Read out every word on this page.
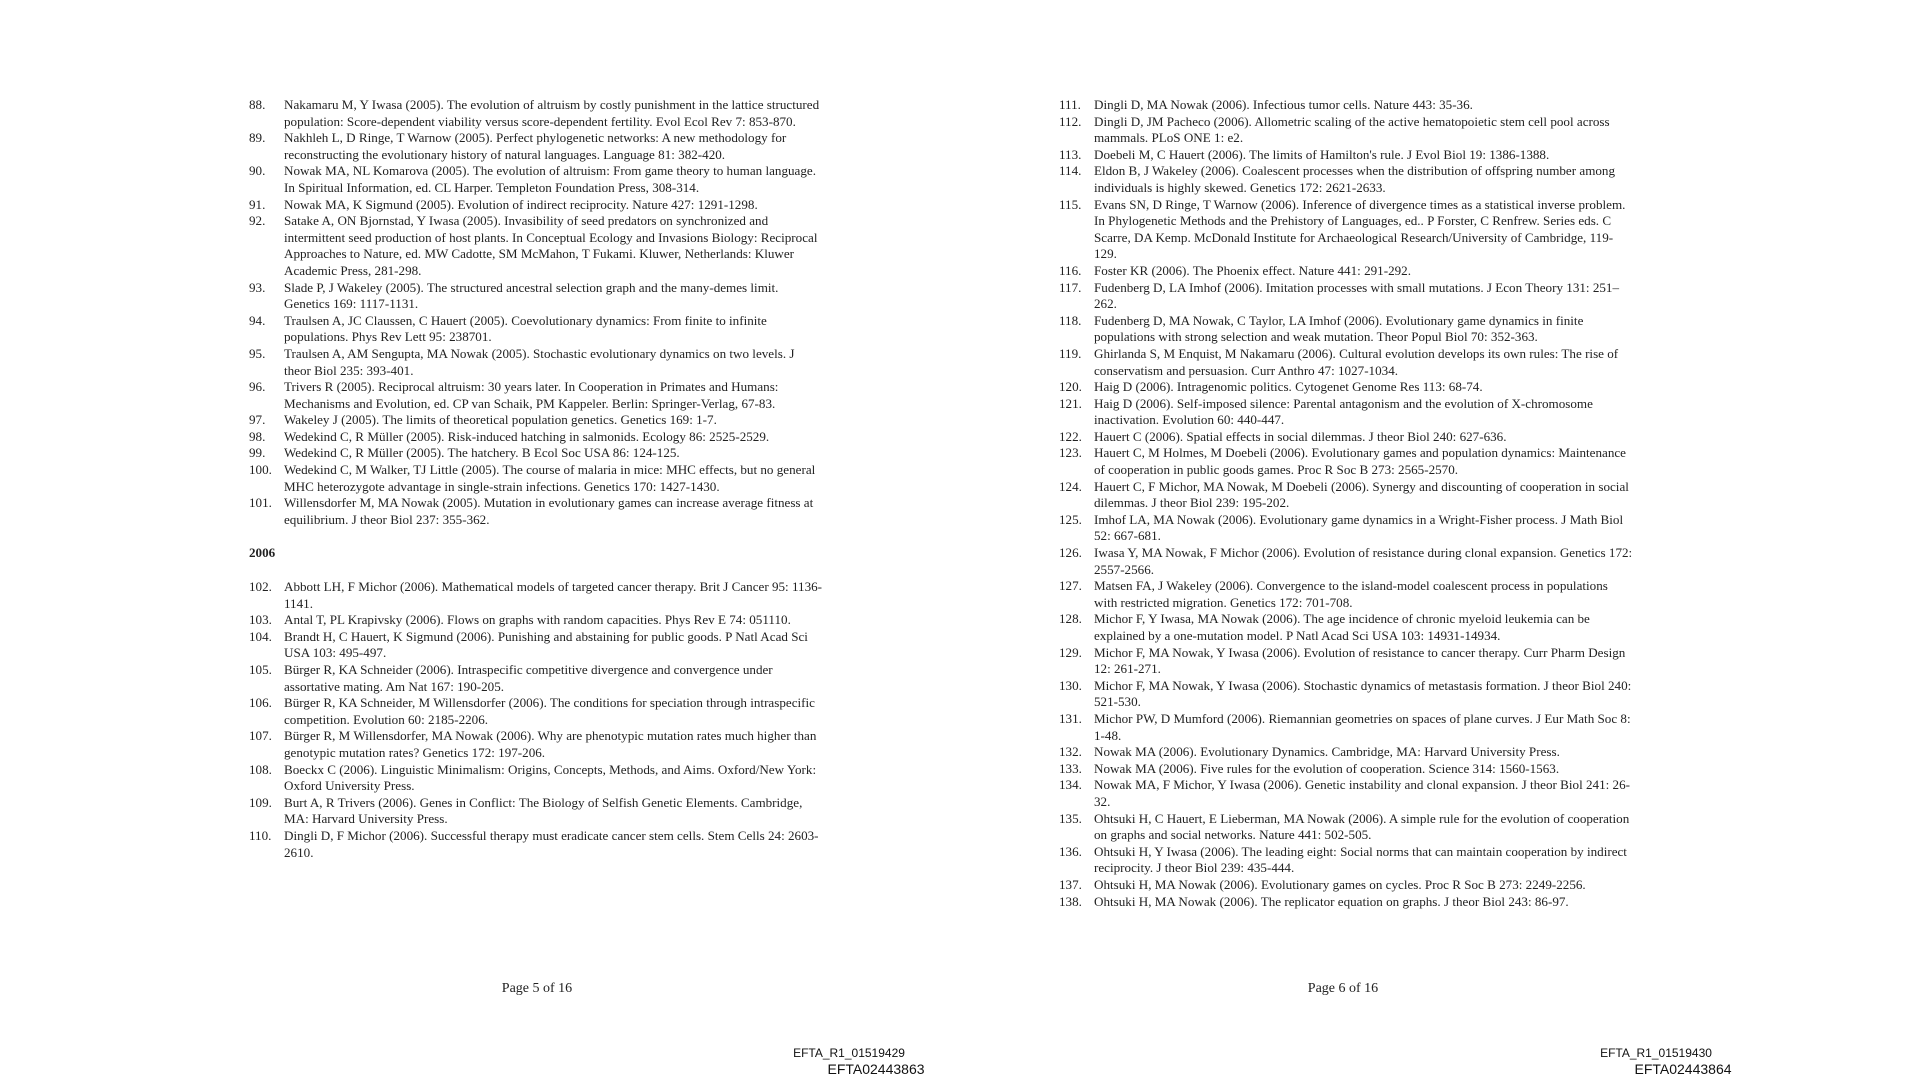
88.	Nakamaru M, Y Iwasa (2005). The evolution of altruism by costly punishment in the lattice structured population: Score-dependent viability versus score-dependent fertility. Evol Ecol Rev 7: 853-870.
89.	Nakhleh L, D Ringe, T Warnow (2005). Perfect phylogenetic networks: A new methodology for reconstructing the evolutionary history of natural languages. Language 81: 382-420.
90.	Nowak MA, NL Komarova (2005). The evolution of altruism: From game theory to human language. In Spiritual Information, ed. CL Harper. Templeton Foundation Press, 308-314.
91.	Nowak MA, K Sigmund (2005). Evolution of indirect reciprocity. Nature 427: 1291-1298.
92.	Satake A, ON Bjornstad, Y Iwasa (2005). Invasibility of seed predators on synchronized and intermittent seed production of host plants. In Conceptual Ecology and Invasions Biology: Reciprocal Approaches to Nature, ed. MW Cadotte, SM McMahon, T Fukami. Kluwer, Netherlands: Kluwer Academic Press, 281-298.
93.	Slade P, J Wakeley (2005). The structured ancestral selection graph and the many-demes limit. Genetics 169: 1117-1131.
94.	Traulsen A, JC Claussen, C Hauert (2005). Coevolutionary dynamics: From finite to infinite populations. Phys Rev Lett 95: 238701.
95.	Traulsen A, AM Sengupta, MA Nowak (2005). Stochastic evolutionary dynamics on two levels. J theor Biol 235: 393-401.
96.	Trivers R (2005). Reciprocal altruism: 30 years later. In Cooperation in Primates and Humans: Mechanisms and Evolution, ed. CP van Schaik, PM Kappeler. Berlin: Springer-Verlag, 67-83.
97.	Wakeley J (2005). The limits of theoretical population genetics. Genetics 169: 1-7.
98.	Wedekind C, R Müller (2005). Risk-induced hatching in salmonids. Ecology 86: 2525-2529.
99.	Wedekind C, R Müller (2005). The hatchery. B Ecol Soc USA 86: 124-125.
100. Wedekind C, M Walker, TJ Little (2005). The course of malaria in mice: MHC effects, but no general MHC heterozygote advantage in single-strain infections. Genetics 170: 1427-1430.
101. Willensdorfer M, MA Nowak (2005). Mutation in evolutionary games can increase average fitness at equilibrium. J theor Biol 237: 355-362.
2006
102. Abbott LH, F Michor (2006). Mathematical models of targeted cancer therapy. Brit J Cancer 95: 1136-1141.
103. Antal T, PL Krapivsky (2006). Flows on graphs with random capacities. Phys Rev E 74: 051110.
104. Brandt H, C Hauert, K Sigmund (2006). Punishing and abstaining for public goods. P Natl Acad Sci USA 103: 495-497.
105. Bürger R, KA Schneider (2006). Intraspecific competitive divergence and convergence under assortative mating. Am Nat 167: 190-205.
106. Bürger R, KA Schneider, M Willensdorfer (2006). The conditions for speciation through intraspecific competition. Evolution 60: 2185-2206.
107. Bürger R, M Willensdorfer, MA Nowak (2006). Why are phenotypic mutation rates much higher than genotypic mutation rates? Genetics 172: 197-206.
108. Boeckx C (2006). Linguistic Minimalism: Origins, Concepts, Methods, and Aims. Oxford/New York: Oxford University Press.
109. Burt A, R Trivers (2006). Genes in Conflict: The Biology of Selfish Genetic Elements. Cambridge, MA: Harvard University Press.
110. Dingli D, F Michor (2006). Successful therapy must eradicate cancer stem cells. Stem Cells 24: 2603-2610.
Page 5 of 16
EFTA_R1_01519429
EFTA02443863
111. Dingli D, MA Nowak (2006). Infectious tumor cells. Nature 443: 35-36.
112. Dingli D, JM Pacheco (2006). Allometric scaling of the active hematopoietic stem cell pool across mammals. PLoS ONE 1: e2.
113. Doebeli M, C Hauert (2006). The limits of Hamilton's rule. J Evol Biol 19: 1386-1388.
114. Eldon B, J Wakeley (2006). Coalescent processes when the distribution of offspring number among individuals is highly skewed. Genetics 172: 2621-2633.
115. Evans SN, D Ringe, T Warnow (2006). Inference of divergence times as a statistical inverse problem. In Phylogenetic Methods and the Prehistory of Languages, ed.. P Forster, C Renfrew. Series eds. C Scarre, DA Kemp. McDonald Institute for Archaeological Research/University of Cambridge, 119-129.
116. Foster KR (2006). The Phoenix effect. Nature 441: 291-292.
117. Fudenberg D, LA Imhof (2006). Imitation processes with small mutations. J Econ Theory 131: 251–262.
118. Fudenberg D, MA Nowak, C Taylor, LA Imhof (2006). Evolutionary game dynamics in finite populations with strong selection and weak mutation. Theor Popul Biol 70: 352-363.
119. Ghirlanda S, M Enquist, M Nakamaru (2006). Cultural evolution develops its own rules: The rise of conservatism and persuasion. Curr Anthro 47: 1027-1034.
120. Haig D (2006). Intragenomic politics. Cytogenet Genome Res 113: 68-74.
121. Haig D (2006). Self-imposed silence: Parental antagonism and the evolution of X-chromosome inactivation. Evolution 60: 440-447.
122. Hauert C (2006). Spatial effects in social dilemmas. J theor Biol 240: 627-636.
123. Hauert C, M Holmes, M Doebeli (2006). Evolutionary games and population dynamics: Maintenance of cooperation in public goods games. Proc R Soc B 273: 2565-2570.
124. Hauert C, F Michor, MA Nowak, M Doebeli (2006). Synergy and discounting of cooperation in social dilemmas. J theor Biol 239: 195-202.
125. Imhof LA, MA Nowak (2006). Evolutionary game dynamics in a Wright-Fisher process. J Math Biol 52: 667-681.
126. Iwasa Y, MA Nowak, F Michor (2006). Evolution of resistance during clonal expansion. Genetics 172: 2557-2566.
127. Matsen FA, J Wakeley (2006). Convergence to the island-model coalescent process in populations with restricted migration. Genetics 172: 701-708.
128. Michor F, Y Iwasa, MA Nowak (2006). The age incidence of chronic myeloid leukemia can be explained by a one-mutation model. P Natl Acad Sci USA 103: 14931-14934.
129. Michor F, MA Nowak, Y Iwasa (2006). Evolution of resistance to cancer therapy. Curr Pharm Design 12: 261-271.
130. Michor F, MA Nowak, Y Iwasa (2006). Stochastic dynamics of metastasis formation. J theor Biol 240: 521-530.
131. Michor PW, D Mumford (2006). Riemannian geometries on spaces of plane curves. J Eur Math Soc 8: 1-48.
132. Nowak MA (2006). Evolutionary Dynamics. Cambridge, MA: Harvard University Press.
133. Nowak MA (2006). Five rules for the evolution of cooperation. Science 314: 1560-1563.
134. Nowak MA, F Michor, Y Iwasa (2006). Genetic instability and clonal expansion. J theor Biol 241: 26-32.
135. Ohtsuki H, C Hauert, E Lieberman, MA Nowak (2006). A simple rule for the evolution of cooperation on graphs and social networks. Nature 441: 502-505.
136. Ohtsuki H, Y Iwasa (2006). The leading eight: Social norms that can maintain cooperation by indirect reciprocity. J theor Biol 239: 435-444.
137. Ohtsuki H, MA Nowak (2006). Evolutionary games on cycles. Proc R Soc B 273: 2249-2256.
138. Ohtsuki H, MA Nowak (2006). The replicator equation on graphs. J theor Biol 243: 86-97.
Page 6 of 16
EFTA_R1_01519430
EFTA02443864
